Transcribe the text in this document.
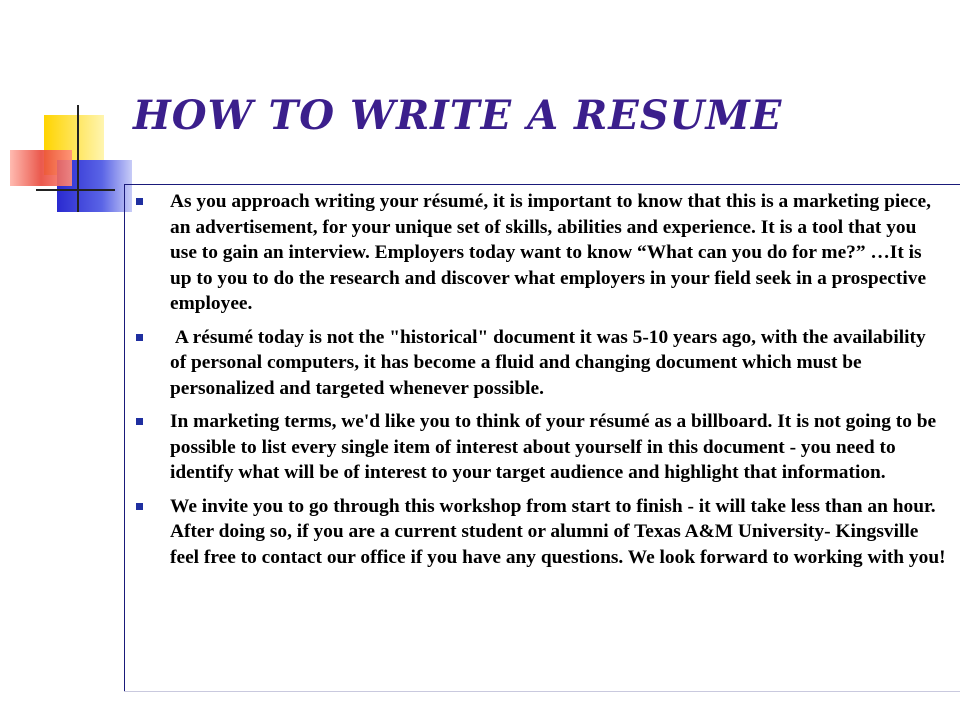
HOW TO WRITE A RESUME
As you approach writing your résumé, it is important to know that this is a marketing piece, an advertisement, for your unique set of skills, abilities and experience. It is a tool that you use to gain an interview. Employers today want to know “What can you do for me?” …It is up to you to do the research and discover what employers in your field seek in a prospective employee.
A résumé today is not the "historical" document it was 5-10 years ago, with the availability of personal computers, it has become a fluid and changing document which must be personalized and targeted whenever possible.
In marketing terms, we'd like you to think of your résumé as a billboard. It is not going to be possible to list every single item of interest about yourself in this document - you need to identify what will be of interest to your target audience and highlight that information.
We invite you to go through this workshop from start to finish - it will take less than an hour. After doing so, if you are a current student or alumni of Texas A&M University- Kingsville feel free to contact our office if you have any questions. We look forward to working with you!
